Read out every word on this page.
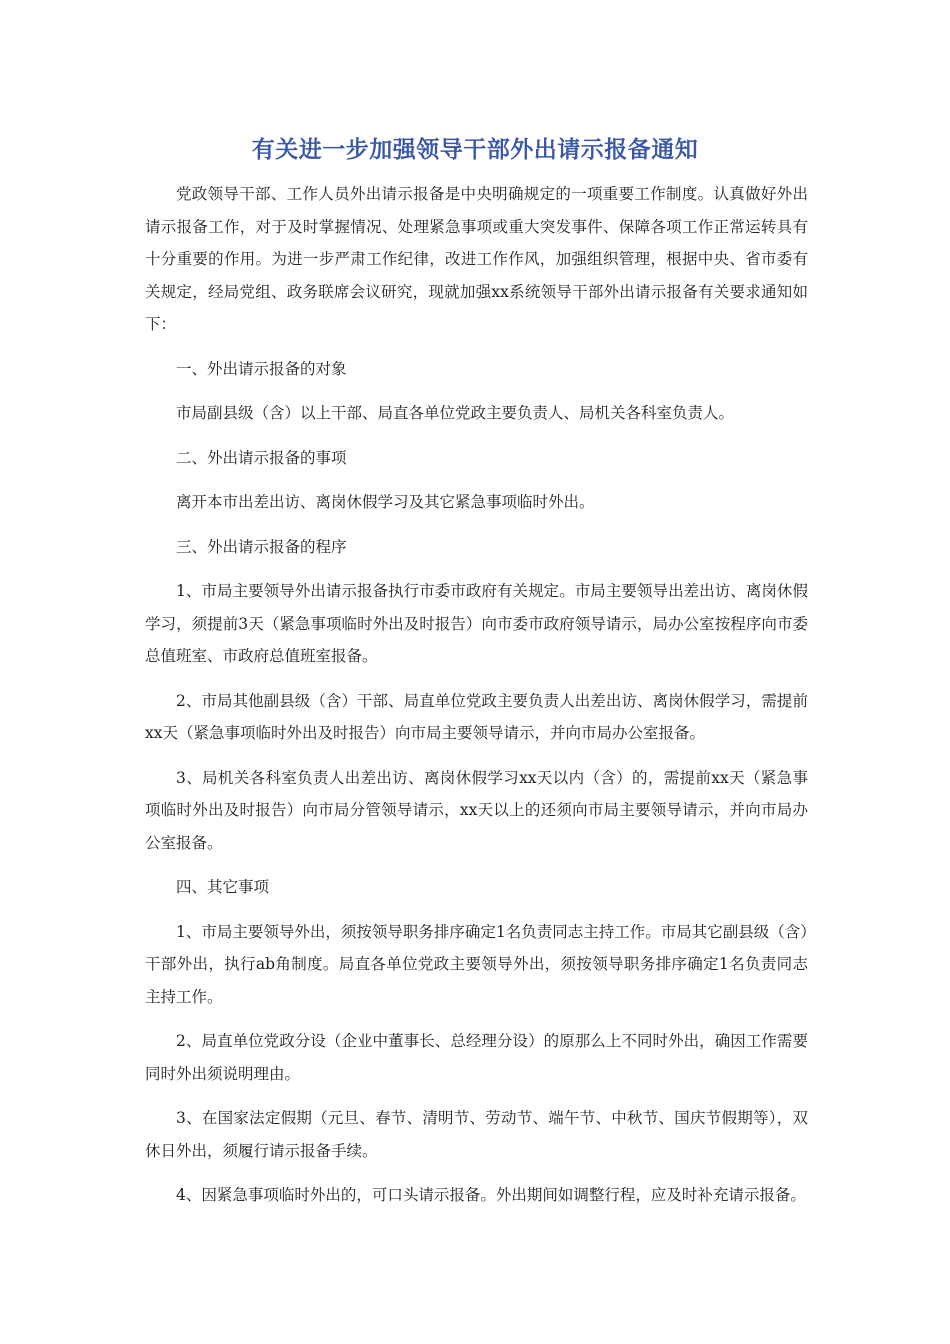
有关进一步加强领导干部外出请示报备通知

党政领导干部、工作人员外出请示报备是中央明确规定的一项重要工作制度。认真做好外出请示报备工作，对于及时掌握情况、处理紧急事项或重大突发事件、保障各项工作正常运转具有十分重要的作用。为进一步严肃工作纪律，改进工作作风，加强组织管理，根据中央、省市委有关规定，经局党组、政务联席会议研究，现就加强xx系统领导干部外出请示报备有关要求通知如下：

一、外出请示报备的对象

市局副县级（含）以上干部、局直各单位党政主要负责人、局机关各科室负责人。

二、外出请示报备的事项

离开本市出差出访、离岗休假学习及其它紧急事项临时外出。

三、外出请示报备的程序

1、市局主要领导外出请示报备执行市委市政府有关规定。市局主要领导出差出访、离岗休假学习，须提前3天（紧急事项临时外出及时报告）向市委市政府领导请示，局办公室按程序向市委总值班室、市政府总值班室报备。

2、市局其他副县级（含）干部、局直单位党政主要负责人出差出访、离岗休假学习，需提前xx天（紧急事项临时外出及时报告）向市局主要领导请示，并向市局办公室报备。

3、局机关各科室负责人出差出访、离岗休假学习xx天以内（含）的，需提前xx天（紧急事项临时外出及时报告）向市局分管领导请示，xx天以上的还须向市局主要领导请示，并向市局办公室报备。

四、其它事项

1、市局主要领导外出，须按领导职务排序确定1名负责同志主持工作。市局其它副县级（含）干部外出，执行ab角制度。局直各单位党政主要领导外出，须按领导职务排序确定1名负责同志主持工作。

2、局直单位党政分设（企业中董事长、总经理分设）的原那么上不同时外出，确因工作需要同时外出须说明理由。

3、在国家法定假期（元旦、春节、清明节、劳动节、端午节、中秋节、国庆节假期等），双休日外出，须履行请示报备手续。

4、因紧急事项临时外出的，可口头请示报备。外出期间如调整行程，应及时补充请示报备。
